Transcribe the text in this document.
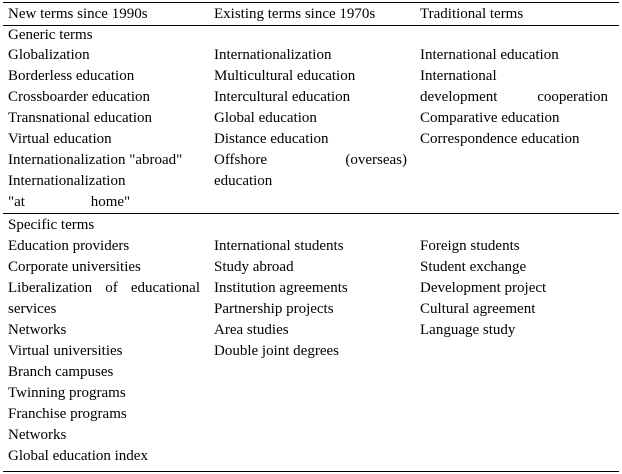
New terms since 1990s	Existing terms since 1970s	Traditional terms
Generic terms
Globalization
Borderless education
Crossboarder education
Transnational education
Virtual education
Internationalization "abroad"
Internationalization "at home"
Internationalization
Multicultural education
Intercultural education
Global education
Distance education
Offshore (overseas) education
International education
International development cooperation
Comparative education
Correspondence education
Specific terms
Education providers
Corporate universities
Liberalization of educational services
Networks
Virtual universities
Branch campuses
Twinning programs
Franchise programs
Networks
Global education index
International students
Study abroad
Institution agreements
Partnership projects
Area studies
Double joint degrees
Foreign students
Student exchange
Development project
Cultural agreement
Language study
